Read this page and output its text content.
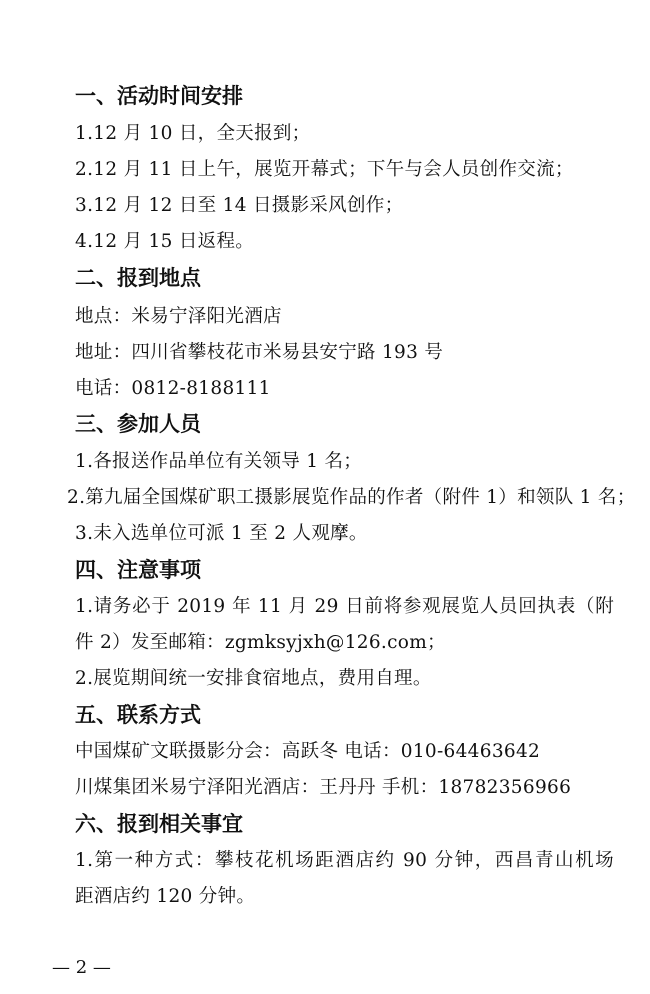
一、活动时间安排
1.12 月 10 日，全天报到；
2.12 月 11 日上午，展览开幕式；下午与会人员创作交流；
3.12 月 12 日至 14 日摄影采风创作；
4.12 月 15 日返程。
二、报到地点
地点：米易宁泽阳光酒店
地址：四川省攀枝花市米易县安宁路 193 号
电话：0812-8188111
三、参加人员
1.各报送作品单位有关领导 1 名；
2.第九届全国煤矿职工摄影展览作品的作者（附件 1）和领队 1 名；
3.未入选单位可派 1 至 2 人观摩。
四、注意事项
1.请务必于 2019 年 11 月 29 日前将参观展览人员回执表（附
件 2）发至邮箱：zgmksyjxh@126.com；
2.展览期间统一安排食宿地点，费用自理。
五、联系方式
中国煤矿文联摄影分会：高跃冬 电话：010-64463642
川煤集团米易宁泽阳光酒店：王丹丹 手机：18782356966
六、报到相关事宜
1.第一种方式：攀枝花机场距酒店约 90 分钟，西昌青山机场
距酒店约 120 分钟。
— 2 —
